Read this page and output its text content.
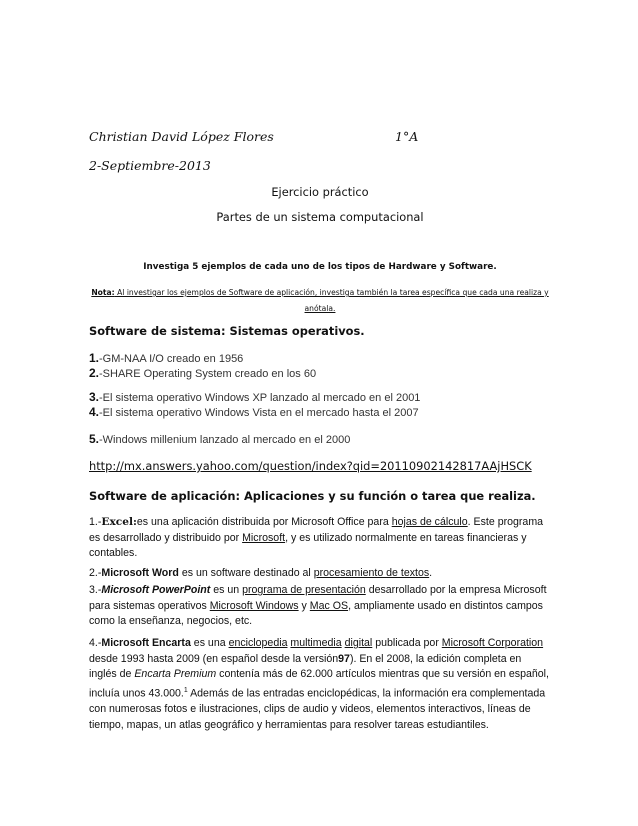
Christian David López Flores	1°A
2-Septiembre-2013
Ejercicio práctico
Partes de un sistema computacional
Investiga 5 ejemplos de cada uno de los tipos de Hardware y Software.
Nota: Al investigar los ejemplos de Software de aplicación, investiga también la tarea específica que cada una realiza y anótala.
Software de sistema: Sistemas operativos.
1.-GM-NAA I/O creado en 1956
2.-SHARE Operating System creado en los 60
3.-El sistema operativo Windows XP lanzado al mercado en el 2001
4.-El sistema operativo Windows Vista en el mercado hasta el 2007
5.-Windows millenium lanzado al mercado en el 2000
http://mx.answers.yahoo.com/question/index?qid=20110902142817AAjHSCK
Software de aplicación: Aplicaciones y su función o tarea que realiza.
1.-Excel:es una aplicación distribuida por Microsoft Office para hojas de cálculo. Este programa es desarrollado y distribuido por Microsoft, y es utilizado normalmente en tareas financieras y contables.
2.-Microsoft Word es un software destinado al procesamiento de textos.
3.-Microsoft PowerPoint es un programa de presentación desarrollado por la empresa Microsoft para sistemas operativos Microsoft Windows y Mac OS, ampliamente usado en distintos campos como la enseñanza, negocios, etc.
4.-Microsoft Encarta es una enciclopedia multimedia digital publicada por Microsoft Corporation desde 1993 hasta 2009 (en español desde la versión97). En el 2008, la edición completa en inglés de Encarta Premium contenía más de 62.000 artículos mientras que su versión en español, incluía unos 43.000.$^1$ Además de las entradas enciclopédicas, la información era complementada con numerosas fotos e ilustraciones, clips de audio y videos, elementos interactivos, líneas de tiempo, mapas, un atlas geográfico y herramientas para resolver tareas estudiantiles.
